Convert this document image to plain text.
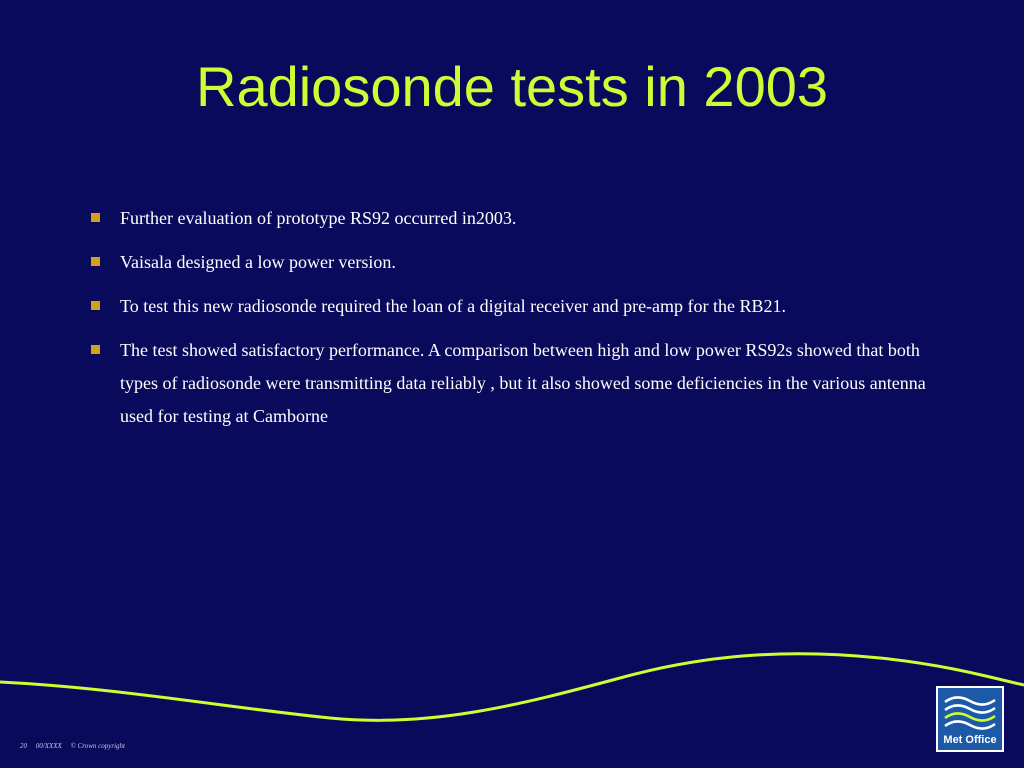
Radiosonde tests in 2003
Further evaluation of prototype RS92 occurred in2003.
Vaisala designed a low power version.
To test this new radiosonde required the loan of a digital receiver and pre-amp for the RB21.
The test showed satisfactory performance. A comparison between high and low power RS92s showed that both types of radiosonde were transmitting data reliably , but it also showed some deficiencies in the various antenna used for testing at Camborne
20     00/XXXX     © Crown copyright	Met Office
